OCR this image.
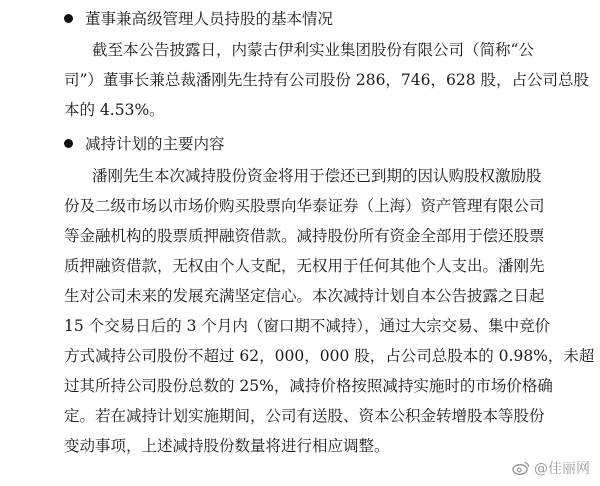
董事兼高级管理人员持股的基本情况
截至本公告披露日，内蒙古伊利实业集团股份有限公司（简称“公
司”）董事长兼总裁潘刚先生持有公司股份 286，746，628 股，占公司总股
本的 4.53%。
减持计划的主要内容
潘刚先生本次减持股份资金将用于偿还已到期的因认购股权激励股
份及二级市场以市场价购买股票向华泰证券（上海）资产管理有限公司
等金融机构的股票质押融资借款。减持股份所有资金全部用于偿还股票
质押融资借款，无权由个人支配，无权用于任何其他个人支出。潘刚先
生对公司未来的发展充满坚定信心。本次减持计划自本公告披露之日起
15 个交易日后的 3 个月内（窗口期不减持），通过大宗交易、集中竞价
方式减持公司股份不超过 62，000，000 股，占公司总股本的 0.98%，未超
过其所持公司股份总数的 25%，减持价格按照减持实施时的市场价格确
定。若在减持计划实施期间，公司有送股、资本公积金转增股本等股份
变动事项，上述减持股份数量将进行相应调整。
@佳丽网
